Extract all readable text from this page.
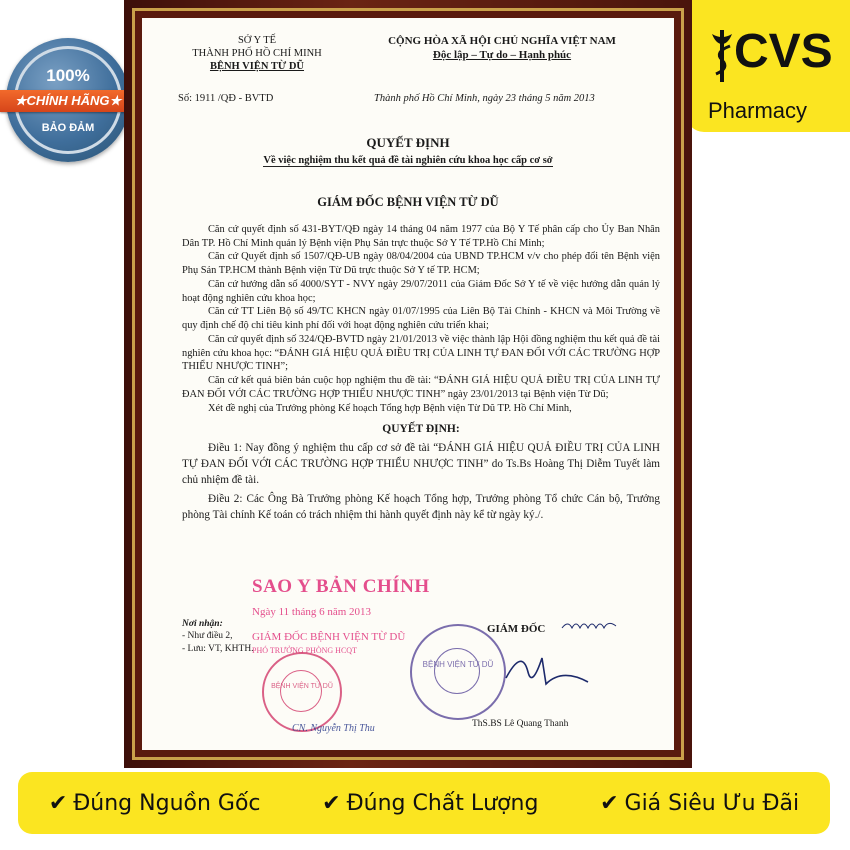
100%
★CHÍNH HÃNG★
BẢO ĐẢM
CVS
Pharmacy
SỞ Y TẾ
THÀNH PHỐ HỒ CHÍ MINH
BỆNH VIỆN TỪ DŨ
CỘNG HÒA XÃ HỘI CHỦ NGHĨA VIỆT NAM
Độc lập – Tự do – Hạnh phúc
Số: 1911 /QĐ - BVTD	Thành phố Hồ Chí Minh, ngày 23 tháng 5 năm 2013
QUYẾT ĐỊNH
Về việc nghiệm thu kết quả đề tài nghiên cứu khoa học cấp cơ sở
GIÁM ĐỐC BỆNH VIỆN TỪ DŨ

Căn cứ quyết định số 431-BYT/QĐ ngày 14 tháng 04 năm 1977 của Bộ Y Tế phân cấp cho Ủy Ban Nhân Dân TP. Hồ Chí Minh quản lý Bệnh viện Phụ Sản trực thuộc Sở Y Tế TP.Hồ Chí Minh;

Căn cứ Quyết định số 1507/QĐ-UB ngày 08/04/2004 của UBND TP.HCM v/v cho phép đổi tên Bệnh viện Phụ Sản TP.HCM thành Bệnh viện Từ Dũ trực thuộc Sở Y tế TP. HCM;

Căn cứ hướng dẫn số 4000/SYT - NVY ngày 29/07/2011 của Giám Đốc Sở Y tế về việc hướng dẫn quản lý hoạt động nghiên cứu khoa học;

Căn cứ TT Liên Bộ số 49/TC KHCN ngày 01/07/1995 của Liên Bộ Tài Chính - KHCN và Môi Trường về quy định chế độ chi tiêu kinh phí đối với hoạt động nghiên cứu triển khai;

Căn cứ quyết định số 324/QĐ-BVTD ngày 21/01/2013 về việc thành lập Hội đồng nghiệm thu kết quả đề tài nghiên cứu khoa học: “ĐÁNH GIÁ HIỆU QUẢ ĐIỀU TRỊ CỦA LINH TỰ ĐAN ĐỐI VỚI CÁC TRƯỜNG HỢP THIỂU NHƯỢC TINH”;

Căn cứ kết quả biên bản cuộc họp nghiệm thu đề tài: “ĐÁNH GIÁ HIỆU QUẢ ĐIỀU TRỊ CỦA LINH TỰ ĐAN ĐỐI VỚI CÁC TRƯỜNG HỢP THIỂU NHƯỢC TINH” ngày 23/01/2013 tại Bệnh viện Từ Dũ;

Xét đề nghị của Trưởng phòng Kế hoạch Tổng hợp Bệnh viện Từ Dũ TP. Hồ Chí Minh,

QUYẾT ĐỊNH:

Điều 1: Nay đồng ý nghiệm thu cấp cơ sở đề tài “ĐÁNH GIÁ HIỆU QUẢ ĐIỀU TRỊ CỦA LINH TỰ ĐAN ĐỐI VỚI CÁC TRƯỜNG HỢP THIỂU NHƯỢC TINH” do Ts.Bs Hoàng Thị Diễm Tuyết làm chủ nhiệm đề tài.

Điều 2: Các Ông Bà Trưởng phòng Kế hoạch Tổng hợp, Trưởng phòng Tổ chức Cán bộ, Trưởng phòng Tài chính Kế toán có trách nhiệm thi hành quyết định này kể từ ngày ký./.

SAO Y BẢN CHÍNH
Ngày 11 tháng 6 năm 2013
GIÁM ĐỐC BỆNH VIỆN TỪ DŨ
PHÓ TRƯỞNG PHÒNG HCQT
Nơi nhận:
- Như điều 2,
- Lưu: VT, KHTH.
GIÁM ĐỐC
BỆNH VIỆN TỪ DŨ
ThS.BS Lê Quang Thanh
BỆNH VIỆN TỪ DŨ
CN. Nguyễn Thị Thu
✔ Đúng Nguồn Gốc	✔ Đúng Chất Lượng	✔ Giá Siêu Ưu Đãi
